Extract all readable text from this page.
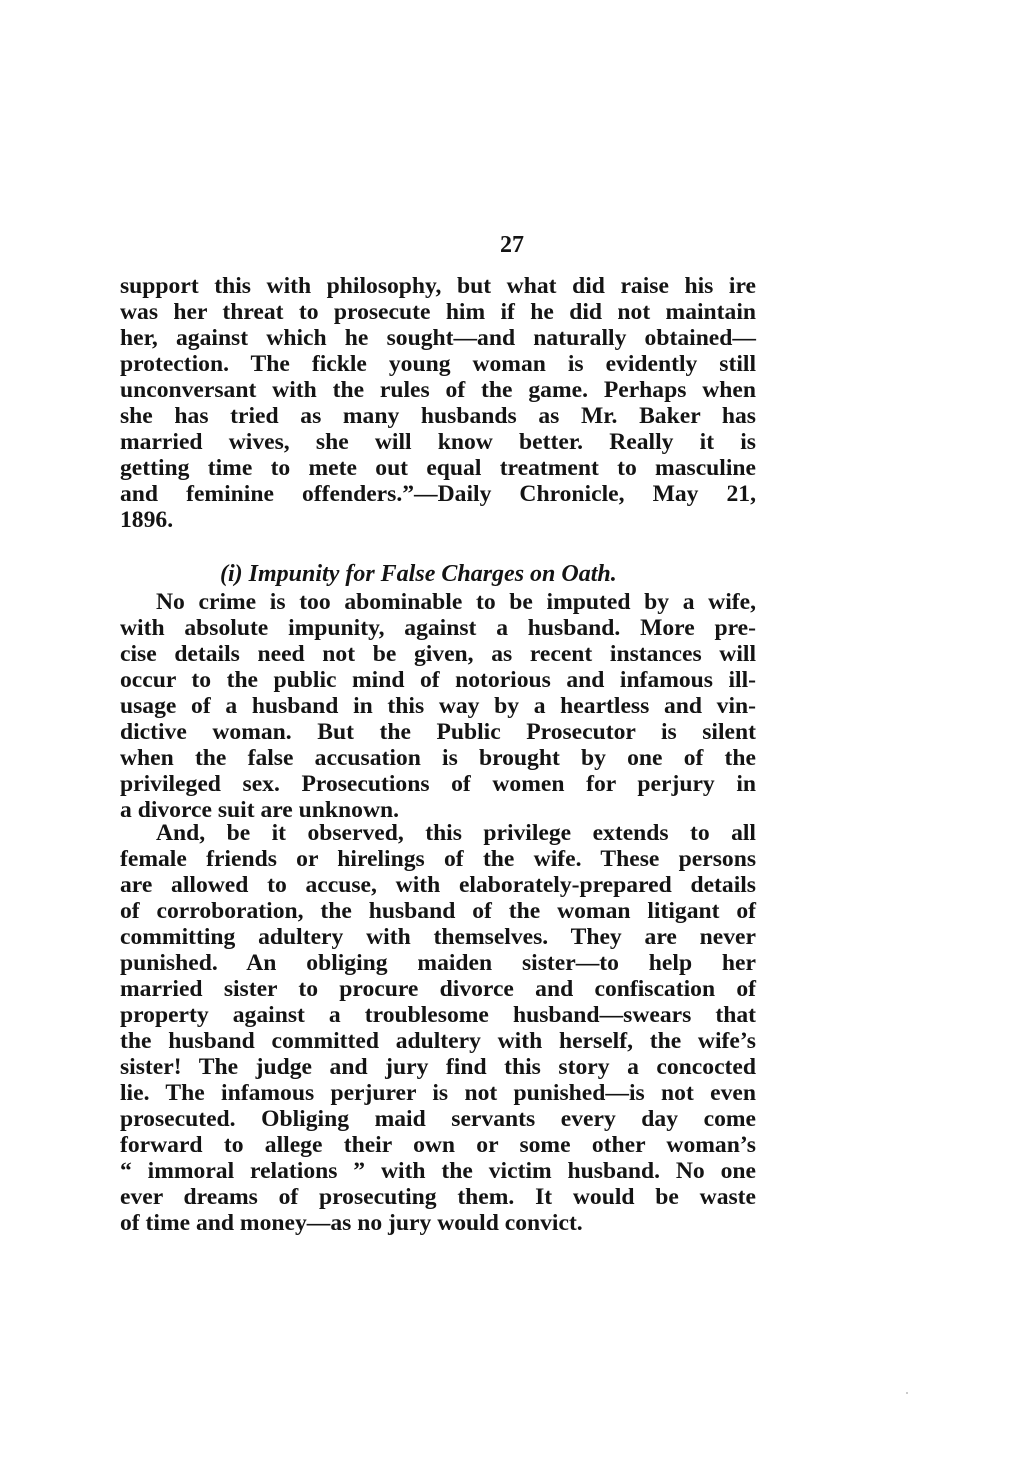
27
support this with philosophy, but what did raise his ire
was her threat to prosecute him if he did not maintain
her, against which he sought—and naturally obtained—
protection. The fickle young woman is evidently still
unconversant with the rules of the game. Perhaps when
she has tried as many husbands as Mr. Baker has
married wives, she will know better. Really it is
getting time to mete out equal treatment to masculine
and feminine offenders.”—Daily Chronicle, May 21,
1896.
(i) Impunity for False Charges on Oath.
No crime is too abominable to be imputed by a wife,
with absolute impunity, against a husband. More pre-
cise details need not be given, as recent instances will
occur to the public mind of notorious and infamous ill-
usage of a husband in this way by a heartless and vin-
dictive woman. But the Public Prosecutor is silent
when the false accusation is brought by one of the
privileged sex. Prosecutions of women for perjury in
a divorce suit are unknown.
And, be it observed, this privilege extends to all
female friends or hirelings of the wife. These persons
are allowed to accuse, with elaborately-prepared details
of corroboration, the husband of the woman litigant of
committing adultery with themselves. They are never
punished. An obliging maiden sister—to help her
married sister to procure divorce and confiscation of
property against a troublesome husband—swears that
the husband committed adultery with herself, the wife’s
sister! The judge and jury find this story a concocted
lie. The infamous perjurer is not punished—is not even
prosecuted. Obliging maid servants every day come
forward to allege their own or some other woman’s
“ immoral relations ” with the victim husband. No one
ever dreams of prosecuting them. It would be waste
of time and money—as no jury would convict.
